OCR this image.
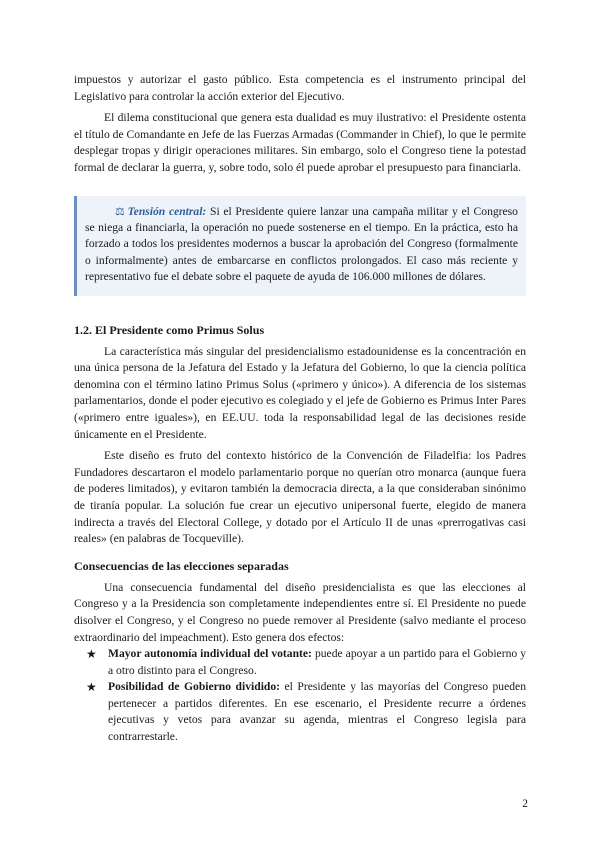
impuestos y autorizar el gasto público. Esta competencia es el instrumento principal del Legislativo para controlar la acción exterior del Ejecutivo.

El dilema constitucional que genera esta dualidad es muy ilustrativo: el Presidente ostenta el título de Comandante en Jefe de las Fuerzas Armadas (Commander in Chief), lo que le permite desplegar tropas y dirigir operaciones militares. Sin embargo, solo el Congreso tiene la potestad formal de declarar la guerra, y, sobre todo, solo él puede aprobar el presupuesto para financiarla.

⚖ Tensión central: Si el Presidente quiere lanzar una campaña militar y el Congreso se niega a financiarla, la operación no puede sostenerse en el tiempo. En la práctica, esto ha forzado a todos los presidentes modernos a buscar la aprobación del Congreso (formalmente o informalmente) antes de embarcarse en conflictos prolongados. El caso más reciente y representativo fue el debate sobre el paquete de ayuda de 106.000 millones de dólares.

1.2. El Presidente como Primus Solus

La característica más singular del presidencialismo estadounidense es la concentración en una única persona de la Jefatura del Estado y la Jefatura del Gobierno, lo que la ciencia política denomina con el término latino Primus Solus («primero y único»). A diferencia de los sistemas parlamentarios, donde el poder ejecutivo es colegiado y el jefe de Gobierno es Primus Inter Pares («primero entre iguales»), en EE.UU. toda la responsabilidad legal de las decisiones reside únicamente en el Presidente.

Este diseño es fruto del contexto histórico de la Convención de Filadelfia: los Padres Fundadores descartaron el modelo parlamentario porque no querían otro monarca (aunque fuera de poderes limitados), y evitaron también la democracia directa, a la que consideraban sinónimo de tiranía popular. La solución fue crear un ejecutivo unipersonal fuerte, elegido de manera indirecta a través del Electoral College, y dotado por el Artículo II de unas «prerrogativas casi reales» (en palabras de Tocqueville).

Consecuencias de las elecciones separadas

Una consecuencia fundamental del diseño presidencialista es que las elecciones al Congreso y a la Presidencia son completamente independientes entre sí. El Presidente no puede disolver el Congreso, y el Congreso no puede remover al Presidente (salvo mediante el proceso extraordinario del impeachment). Esto genera dos efectos:

★ Mayor autonomía individual del votante: puede apoyar a un partido para el Gobierno y a otro distinto para el Congreso.
★ Posibilidad de Gobierno dividido: el Presidente y las mayorías del Congreso pueden pertenecer a partidos diferentes. En ese escenario, el Presidente recurre a órdenes ejecutivas y vetos para avanzar su agenda, mientras el Congreso legisla para contrarrestarle.
2
